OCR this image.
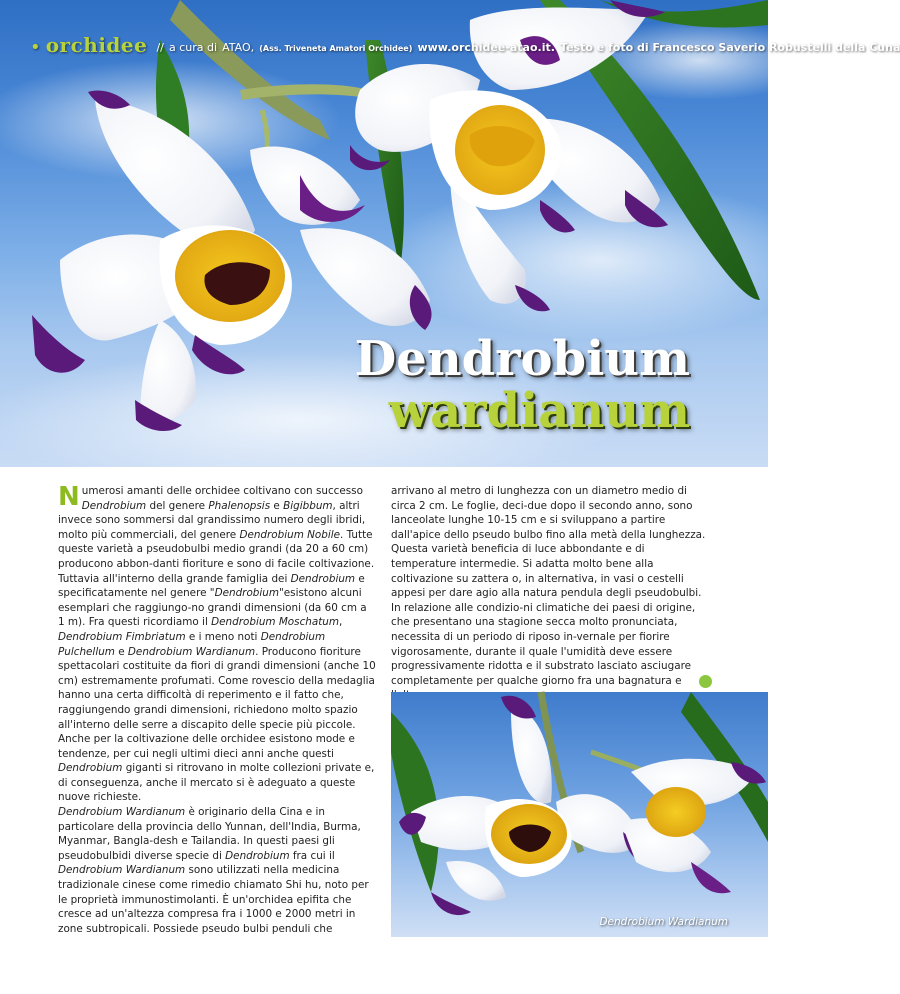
• orchidee // a cura di ATAO, (Ass. Triveneta Amatori Orchidee) www.orchidee-atao.it. Testo e foto di Francesco Saverio Robustelli della Cuna
Dendrobium
wardianum

Numerosi amanti delle orchidee coltivano con successo Dendrobium del genere Phalenopsis e Bigibbum, altri invece sono sommersi dal grandissimo numero degli ibridi, molto più commerciali, del genere Dendrobium Nobile. Tutte queste varietà a pseudobulbi medio grandi (da 20 a 60 cm) producono abbon-danti fioriture e sono di facile coltivazione. Tuttavia all'interno della grande famiglia dei Dendrobium e specificatamente nel genere "Dendrobium"esistono alcuni esemplari che raggiungo-no grandi dimensioni (da 60 cm a 1 m). Fra questi ricordiamo il Dendrobium Moschatum, Dendrobium Fimbriatum e i meno noti Dendrobium Pulchellum e Dendrobium Wardianum. Producono fioriture spettacolari costituite da fiori di grandi dimensioni (anche 10 cm) estremamente profumati. Come rovescio della medaglia hanno una certa difficoltà di reperimento e il fatto che, raggiungendo grandi dimensioni, richiedono molto spazio all'interno delle serre a discapito delle specie più piccole. Anche per la coltivazione delle orchidee esistono mode e tendenze, per cui negli ultimi dieci anni anche questi Dendrobium giganti si ritrovano in molte collezioni private e, di conseguenza, anche il mercato si è adeguato a queste nuove richieste.

Dendrobium Wardianum è originario della Cina e in particolare della provincia dello Yunnan, dell'India, Burma, Myanmar, Bangla-desh e Tailandia. In questi paesi gli pseudobulbidi diverse specie di Dendrobium fra cui il Dendrobium Wardianum sono utilizzati nella medicina tradizionale cinese come rimedio chiamato Shi hu, noto per le proprietà immunostimolanti. È un'orchidea epifita che cresce ad un'altezza compresa fra i 1000 e 2000 metri in zone subtropicali. Possiede pseudo bulbi penduli che

arrivano al metro di lunghezza con un diametro medio di circa 2 cm. Le foglie, deci-due dopo il secondo anno, sono lanceolate lunghe 10-15 cm e si sviluppano a partire dall'apice dello pseudo bulbo fino alla metà della lunghezza. Questa varietà beneficia di luce abbondante e di temperature intermedie. Si adatta molto bene alla coltivazione su zattera o, in alternativa, in vasi o cestelli appesi per dare agio alla natura pendula degli pseudobulbi. In relazione alle condizio-ni climatiche dei paesi di origine, che presentano una stagione secca molto pronunciata, necessita di un periodo di riposo in-vernale per fiorire vigorosamente, durante il quale l'umidità deve essere progressivamente ridotta e il substrato lasciato asciugare completamente per qualche giorno fra una bagnatura e

Dendrobium Wardianum
